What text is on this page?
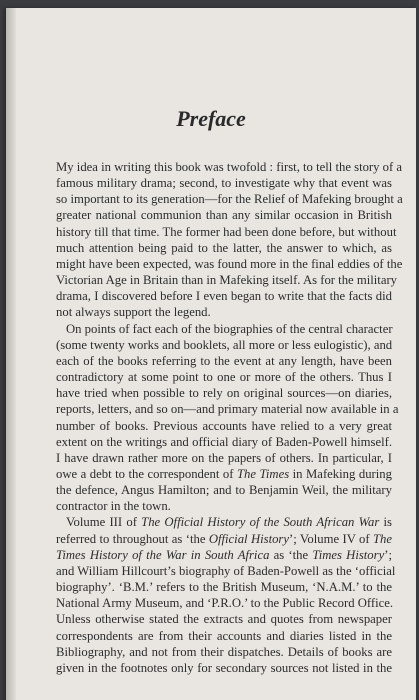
Preface
My idea in writing this book was twofold : first, to tell the story of a
famous military drama; second, to investigate why that event was
so important to its generation—for the Relief of Mafeking brought a
greater national communion than any similar occasion in British
history till that time. The former had been done before, but without
much attention being paid to the latter, the answer to which, as
might have been expected, was found more in the final eddies of the
Victorian Age in Britain than in Mafeking itself. As for the military
drama, I discovered before I even began to write that the facts did
not always support the legend.
On points of fact each of the biographies of the central character
(some twenty works and booklets, all more or less eulogistic), and
each of the books referring to the event at any length, have been
contradictory at some point to one or more of the others. Thus I
have tried when possible to rely on original sources—on diaries,
reports, letters, and so on—and primary material now available in a
number of books. Previous accounts have relied to a very great
extent on the writings and official diary of Baden-Powell himself.
I have drawn rather more on the papers of others. In particular, I
owe a debt to the correspondent of The Times in Mafeking during
the defence, Angus Hamilton; and to Benjamin Weil, the military
contractor in the town.
Volume III of The Official History of the South African War is
referred to throughout as ‘the Official History’; Volume IV of The
Times History of the War in South Africa as ‘the Times History’;
and William Hillcourt’s biography of Baden-Powell as the ‘official
biography’. ‘B.M.’ refers to the British Museum, ‘N.A.M.’ to the
National Army Museum, and ‘P.R.O.’ to the Public Record Office.
Unless otherwise stated the extracts and quotes from newspaper
correspondents are from their accounts and diaries listed in the
Bibliography, and not from their dispatches. Details of books are
given in the footnotes only for secondary sources not listed in the
